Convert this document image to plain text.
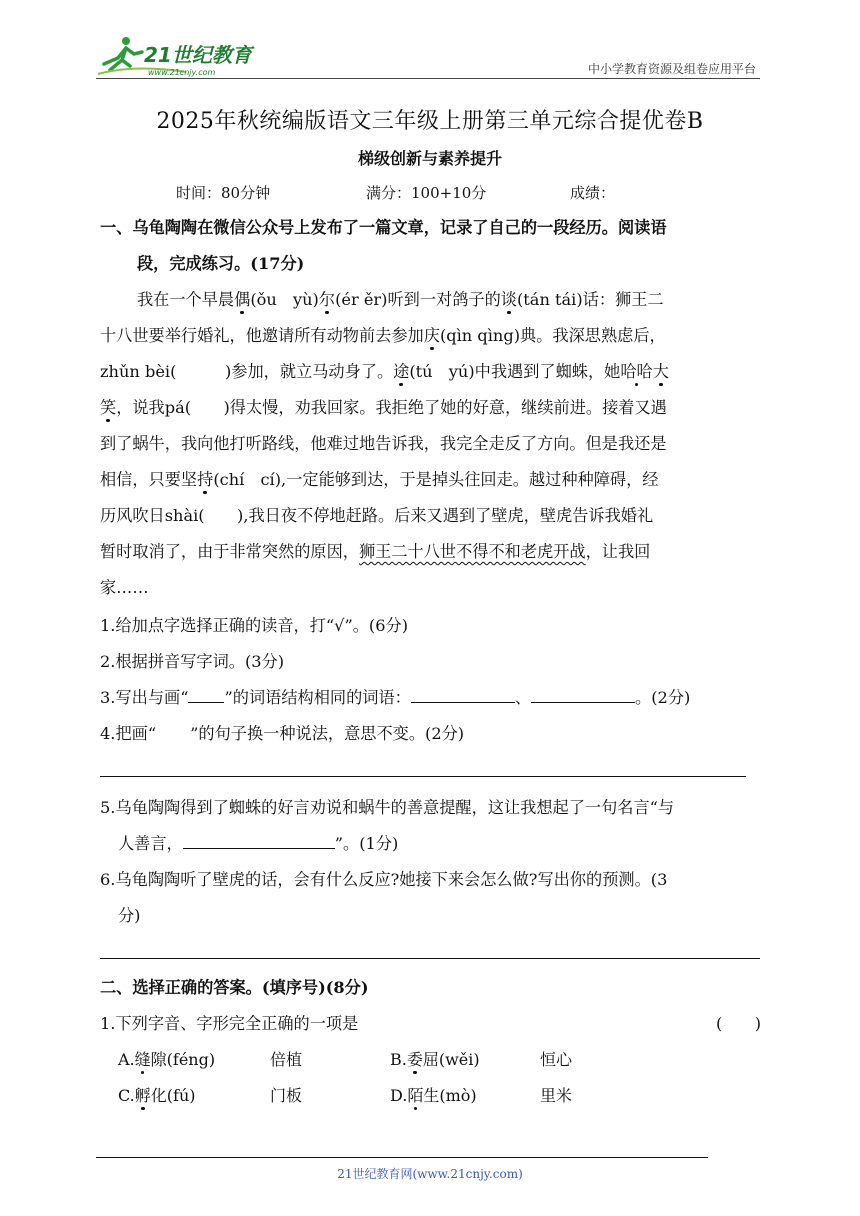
21世纪教育
www.21cnjy.com	中小学教育资源及组卷应用平台
2025年秋统编版语文三年级上册第三单元综合提优卷B
梯级创新与素养提升
时间：80分钟	满分：100+10分	成绩：
一、乌龟陶陶在微信公众号上发布了一篇文章，记录了自己的一段经历。阅读语
段，完成练习。(17分)
我在一个早晨偶(ǒu　yù)尔(ér ěr)听到一对鸽子的谈(tán tái)话：狮王二
十八世要举行婚礼，他邀请所有动物前去参加庆(qìn qìng)典。我深思熟虑后，
zhǔn bèi(　　　)参加，就立马动身了。途(tú　yú)中我遇到了蜘蛛，她哈哈大
笑，说我pá(　　)得太慢，劝我回家。我拒绝了她的好意，继续前进。接着又遇
到了蜗牛，我向他打听路线，他难过地告诉我，我完全走反了方向。但是我还是
相信，只要坚持(chí　cí),一定能够到达，于是掉头往回走。越过种种障碍，经
历风吹日shài(　　),我日夜不停地赶路。后来又遇到了壁虎，壁虎告诉我婚礼
暂时取消了，由于非常突然的原因，狮王二十八世不得不和老虎开战，让我回
家……
1.给加点字选择正确的读音，打“√”。(6分)
2.根据拼音写字词。(3分)
3.写出与画“ ”的词语结构相同的词语：	、	。(2分)
4.把画“ ”的句子换一种说法，意思不变。(2分)
5.乌龟陶陶得到了蜘蛛的好言劝说和蜗牛的善意提醒，这让我想起了一句名言“与
人善言，	”。(1分)
6.乌龟陶陶听了壁虎的话，会有什么反应?她接下来会怎么做?写出你的预测。(3
分)
二、选择正确的答案。(填序号)(8分)
1.下列字音、字形完全正确的一项是	(　　)
A.缝隙(féng)	倍植	B.委屈(wěi)	恒心
C.孵化(fú)	门板	D.陌生(mò)	里米
21世纪教育网(www.21cnjy.com)
